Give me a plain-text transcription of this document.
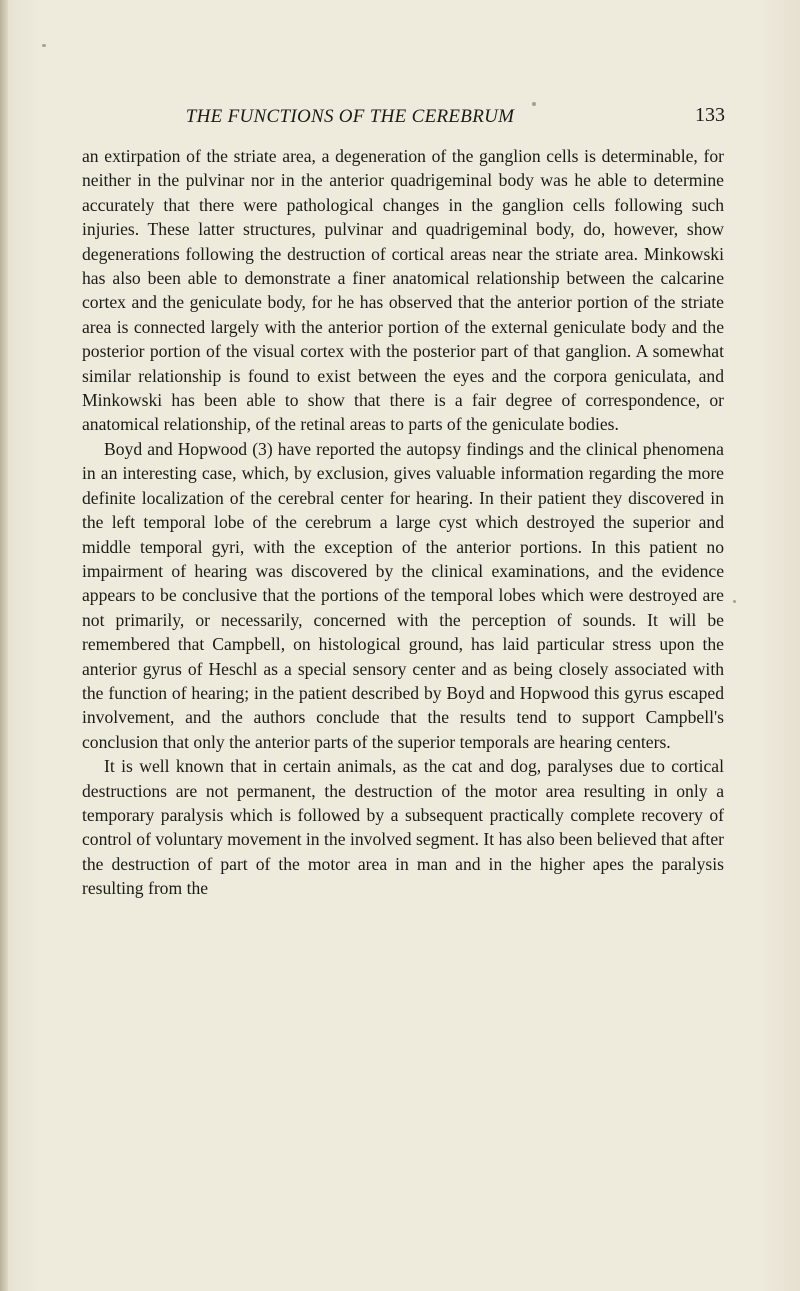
THE FUNCTIONS OF THE CEREBRUM	133

an extirpation of the striate area, a degeneration of the ganglion cells is determinable, for neither in the pulvinar nor in the anterior quadrigeminal body was he able to determine accurately that there were pathological changes in the ganglion cells following such injuries. These latter structures, pulvinar and quadrigeminal body, do, however, show degenerations following the destruction of cortical areas near the striate area. Minkowski has also been able to demonstrate a finer anatomical relationship between the calcarine cortex and the geniculate body, for he has observed that the anterior portion of the striate area is connected largely with the anterior portion of the external geniculate body and the posterior portion of the visual cortex with the posterior part of that ganglion. A somewhat similar relationship is found to exist between the eyes and the corpora geniculata, and Minkowski has been able to show that there is a fair degree of correspondence, or anatomical relationship, of the retinal areas to parts of the geniculate bodies.

Boyd and Hopwood (3) have reported the autopsy findings and the clinical phenomena in an interesting case, which, by exclusion, gives valuable information regarding the more definite localization of the cerebral center for hearing. In their patient they discovered in the left temporal lobe of the cerebrum a large cyst which destroyed the superior and middle temporal gyri, with the exception of the anterior portions. In this patient no impairment of hearing was discovered by the clinical examinations, and the evidence appears to be conclusive that the portions of the temporal lobes which were destroyed are not primarily, or necessarily, concerned with the perception of sounds. It will be remembered that Campbell, on histological ground, has laid particular stress upon the anterior gyrus of Heschl as a special sensory center and as being closely associated with the function of hearing; in the patient described by Boyd and Hopwood this gyrus escaped involvement, and the authors conclude that the results tend to support Campbell's conclusion that only the anterior parts of the superior temporals are hearing centers.

It is well known that in certain animals, as the cat and dog, paralyses due to cortical destructions are not permanent, the destruction of the motor area resulting in only a temporary paralysis which is followed by a subsequent practically complete recovery of control of voluntary movement in the involved segment. It has also been believed that after the destruction of part of the motor area in man and in the higher apes the paralysis resulting from the
